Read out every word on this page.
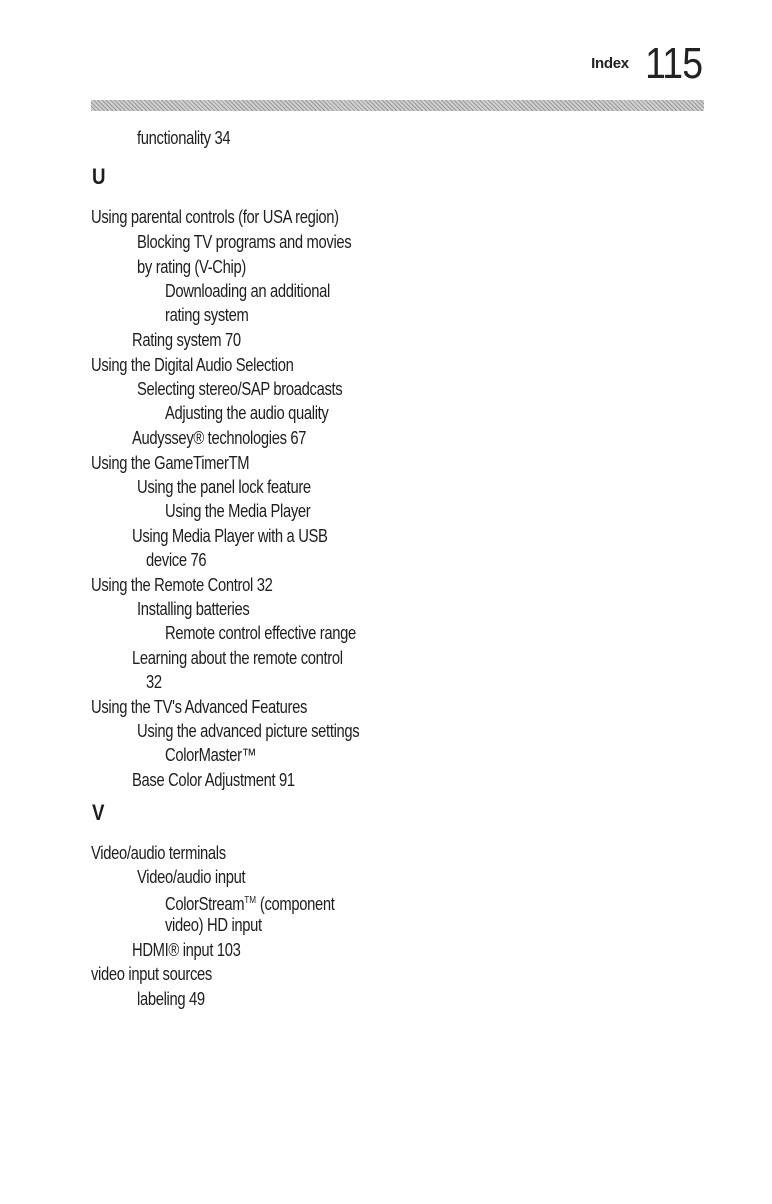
Index 115
functionality 34
U
Using parental controls (for USA region)
Blocking TV programs and movies
by rating (V-Chip)
Downloading an additional
rating system
Rating system 70
Using the Digital Audio Selection
Selecting stereo/SAP broadcasts
Adjusting the audio quality
Audyssey® technologies 67
Using the GameTimerTM
Using the panel lock feature
Using the Media Player
Using Media Player with a USB
device 76
Using the Remote Control 32
Installing batteries
Remote control effective range
Learning about the remote control
32
Using the TV's Advanced Features
Using the advanced picture settings
ColorMaster™
Base Color Adjustment 91
V
Video/audio terminals
Video/audio input
ColorStream™ (component
video) HD input
HDMI® input 103
video input sources
labeling 49
